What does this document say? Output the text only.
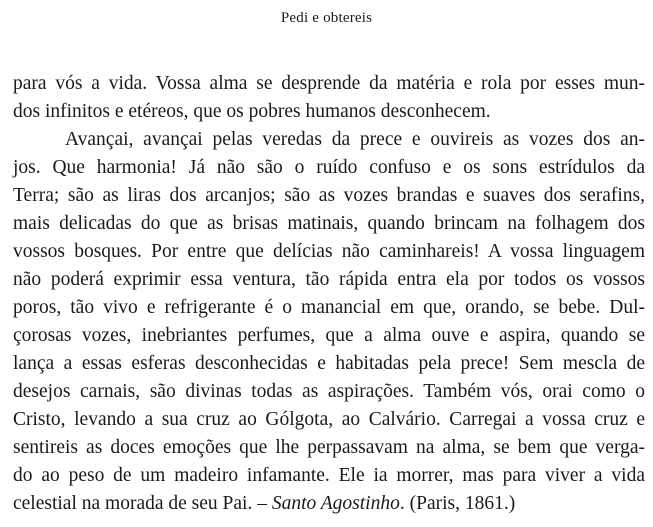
Pedi e obtereis
para vós a vida. Vossa alma se desprende da matéria e rola por esses mun-
dos infinitos e etéreos, que os pobres humanos desconhecem.
Avançai, avançai pelas veredas da prece e ouvireis as vozes dos an-
jos. Que harmonia! Já não são o ruído confuso e os sons estrídulos da
Terra; são as liras dos arcanjos; são as vozes brandas e suaves dos serafins,
mais delicadas do que as brisas matinais, quando brincam na folhagem dos
vossos bosques. Por entre que delícias não caminhareis! A vossa linguagem
não poderá exprimir essa ventura, tão rápida entra ela por todos os vossos
poros, tão vivo e refrigerante é o manancial em que, orando, se bebe. Dul-
çorosas vozes, inebriantes perfumes, que a alma ouve e aspira, quando se
lança a essas esferas desconhecidas e habitadas pela prece! Sem mescla de
desejos carnais, são divinas todas as aspirações. Também vós, orai como o
Cristo, levando a sua cruz ao Gólgota, ao Calvário. Carregai a vossa cruz e
sentireis as doces emoções que lhe perpassavam na alma, se bem que verga-
do ao peso de um madeiro infamante. Ele ia morrer, mas para viver a vida
celestial na morada de seu Pai. – Santo Agostinho. (Paris, 1861.)
